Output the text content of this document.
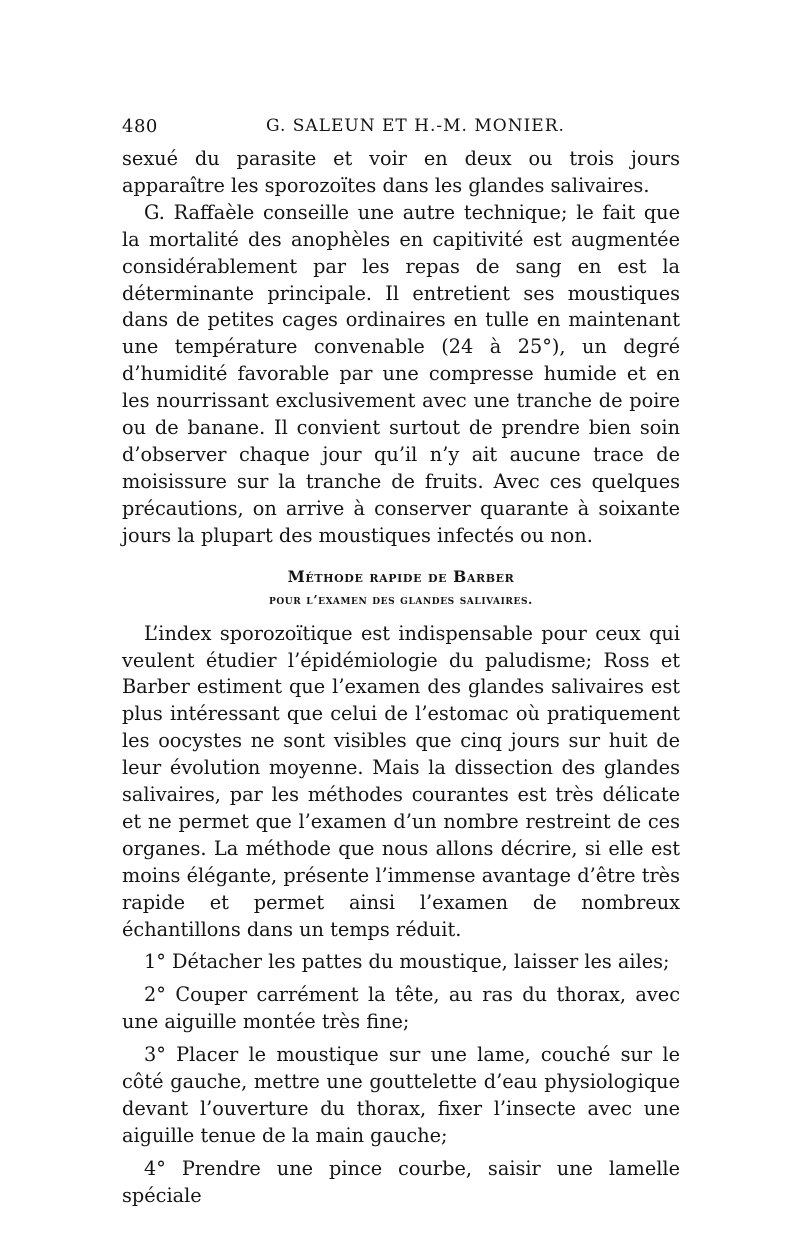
480	G. SALEUN ET H.-M. MONIER.

sexué du parasite et voir en deux ou trois jours apparaître les sporozoïtes dans les glandes salivaires.

G. Raffaèle conseille une autre technique; le fait que la mortalité des anophèles en capitivité est augmentée considérablement par les repas de sang en est la déterminante principale. Il entretient ses moustiques dans de petites cages ordinaires en tulle en maintenant une température convenable (24 à 25°), un degré d’humidité favorable par une compresse humide et en les nourrissant exclusivement avec une tranche de poire ou de banane. Il convient surtout de prendre bien soin d’observer chaque jour qu’il n’y ait aucune trace de moisissure sur la tranche de fruits. Avec ces quelques précautions, on arrive à conserver quarante à soixante jours la plupart des moustiques infectés ou non.

Méthode rapide de Barber
pour l’examen des glandes salivaires.

L’index sporozoïtique est indispensable pour ceux qui veulent étudier l’épidémiologie du paludisme; Ross et Barber estiment que l’examen des glandes salivaires est plus intéressant que celui de l’estomac où pratiquement les oocystes ne sont visibles que cinq jours sur huit de leur évolution moyenne. Mais la dissection des glandes salivaires, par les méthodes courantes est très délicate et ne permet que l’examen d’un nombre restreint de ces organes. La méthode que nous allons décrire, si elle est moins élégante, présente l’immense avantage d’être très rapide et permet ainsi l’examen de nombreux échantillons dans un temps réduit.

1° Détacher les pattes du moustique, laisser les ailes;

2° Couper carrément la tête, au ras du thorax, avec une aiguille montée très fine;

3° Placer le moustique sur une lame, couché sur le côté gauche, mettre une gouttelette d’eau physiologique devant l’ouverture du thorax, fixer l’insecte avec une aiguille tenue de la main gauche;

4° Prendre une pince courbe, saisir une lamelle spéciale
